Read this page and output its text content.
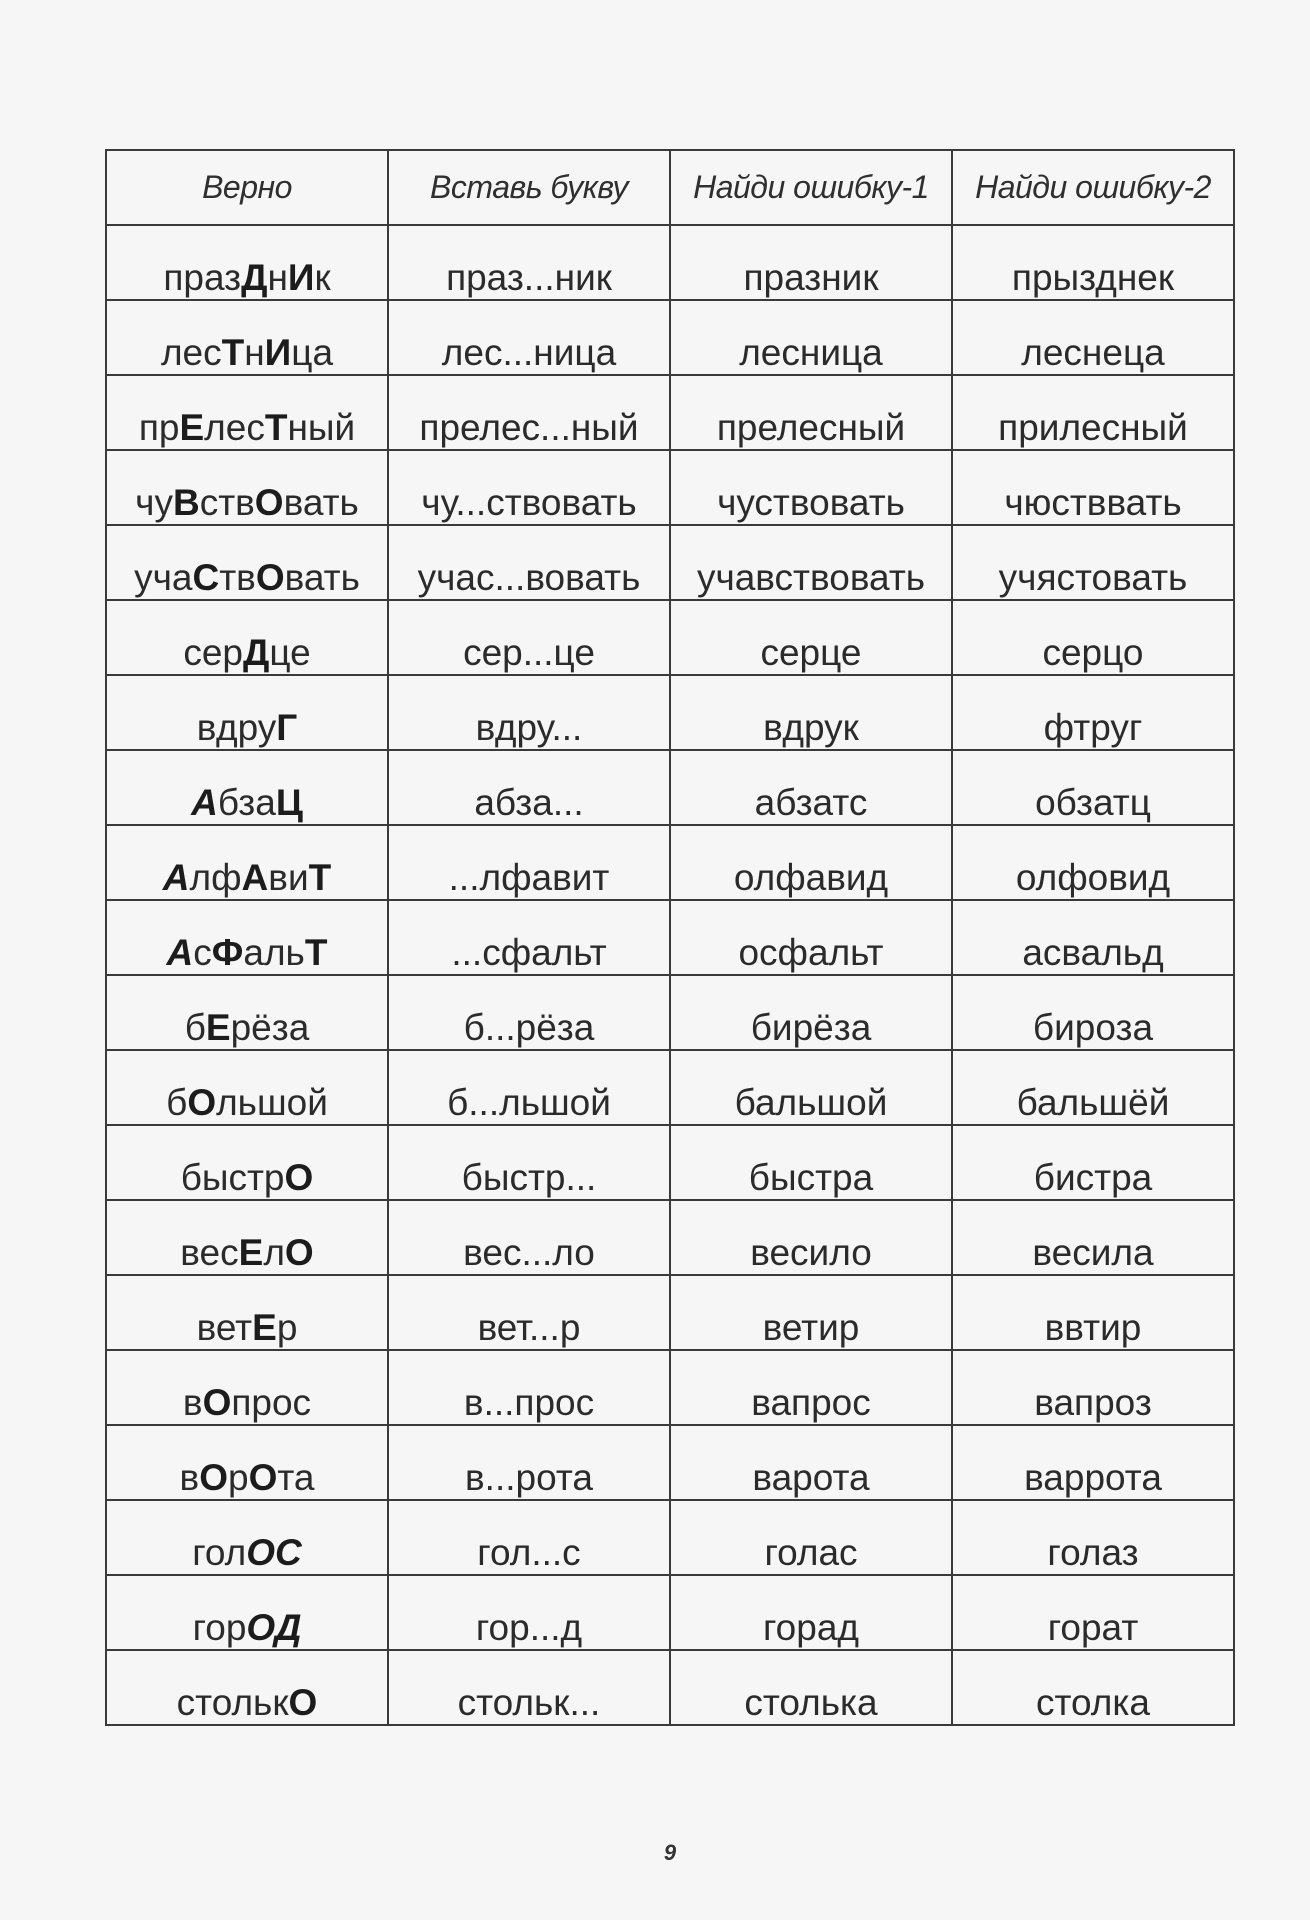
Верно	Вставь букву	Найди ошибку-1	Найди ошибку-2
празДнИк	праз...ник	празник	прызднек
лесТнИца	лес...ница	лесница	леснеца
прЕлесТный	прелес...ный	прелесный	прилесный
чуВствОвать	чу...ствовать	чуствовать	чюстввать
учаСтвОвать	учас...вовать	учавствовать	учястовать
серДце	сер...це	серце	серцо
вдруГ	вдру...	вдрук	фтруг
АбзаЦ	абза...	абзатс	обзатц
АлфАвиТ	...лфавит	олфавид	олфовид
АсФальТ	...сфальт	осфальт	асвальд
бЕрёза	б...рёза	бирёза	бироза
бОльшой	б...льшой	бальшой	бальшёй
быстрО	быстр...	быстра	бистра
весЕлО	вес...ло	весило	весила
ветЕр	вет...р	ветир	ввтир
вОпрос	в...прос	вапрос	вапроз
вОрОта	в...рота	варота	варрота
голОС	гол...с	голас	голаз
горОД	гор...д	горад	горат
столькО	стольк...	столька	столка
9
